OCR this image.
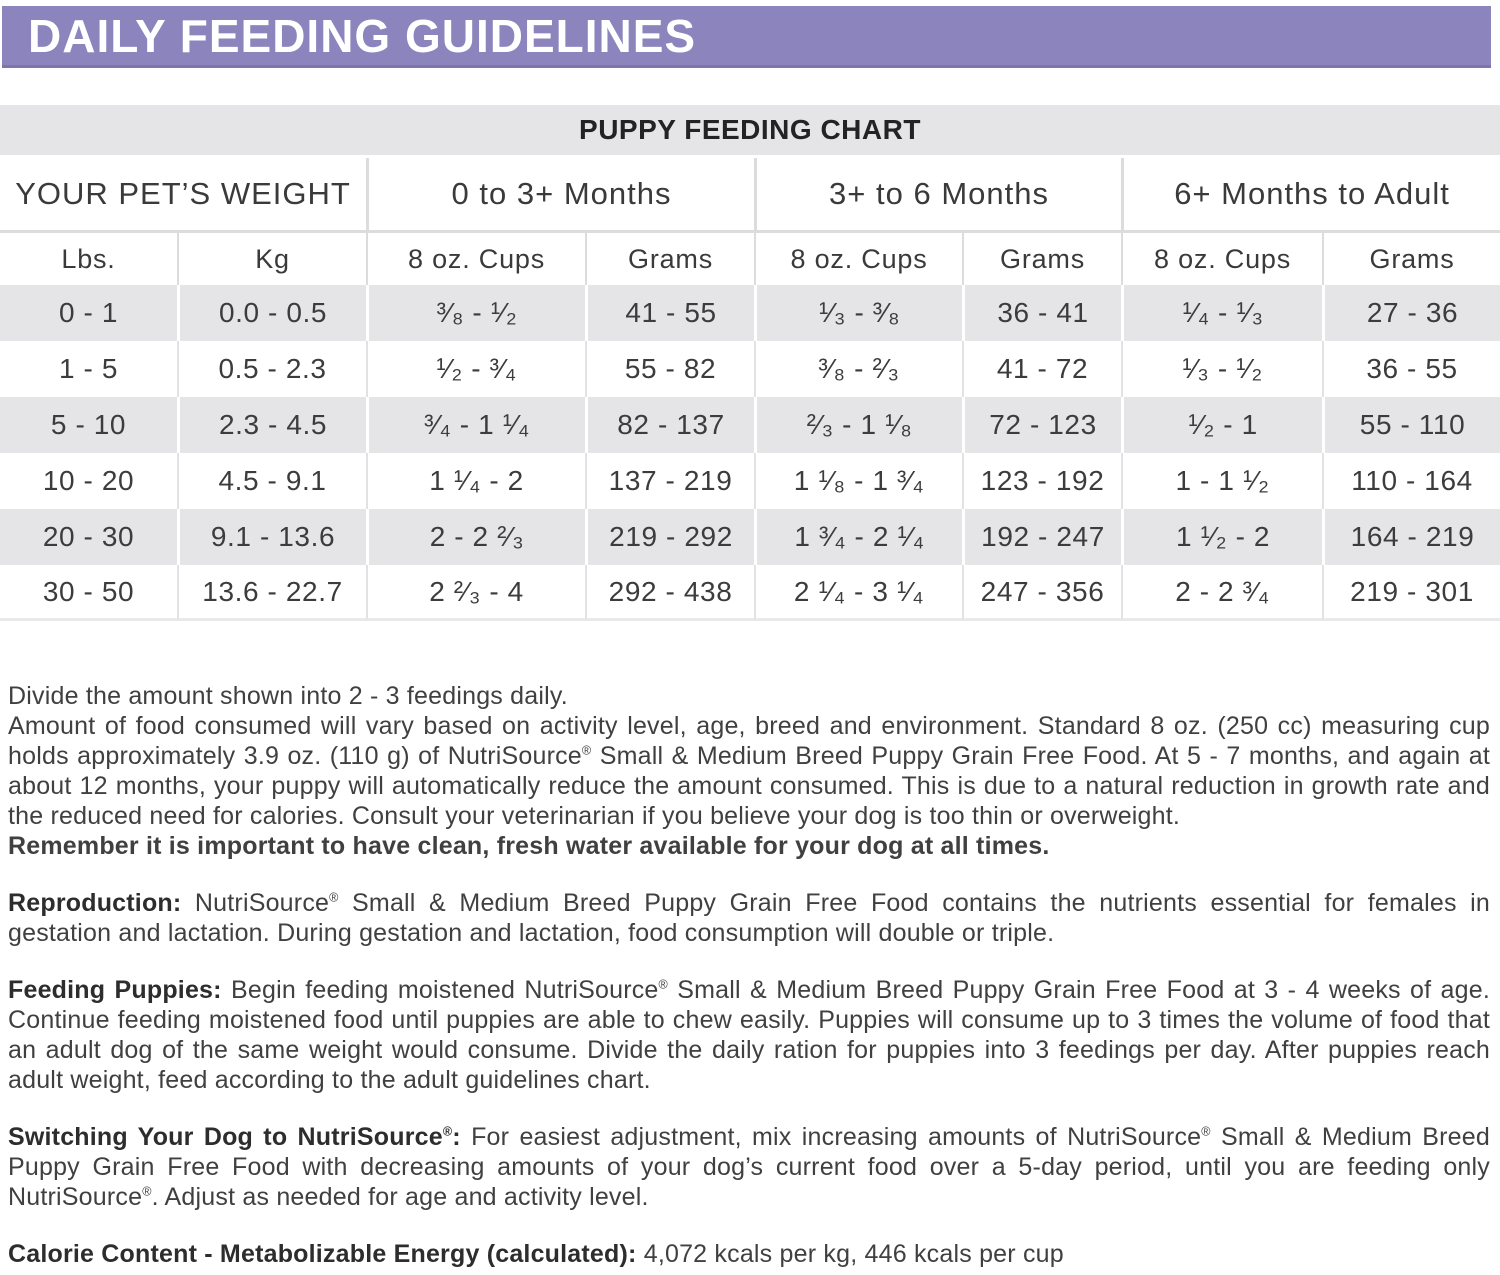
DAILY FEEDING GUIDELINES
PUPPY FEEDING CHART
YOUR PET’S WEIGHT		0 to 3+ Months		3+ to 6 Months		6+ Months to Adult	
Lbs.	Kg	8 oz. Cups	Grams	8 oz. Cups	Grams	8 oz. Cups	Grams
0 - 1	0.0 - 0.5	³⁄₈ - ¹⁄₂	41 - 55	¹⁄₃ - ³⁄₈	36 - 41	¹⁄₄ - ¹⁄₃	27 - 36
1 - 5	0.5 - 2.3	¹⁄₂ - ³⁄₄	55 - 82	³⁄₈ - ²⁄₃	41 - 72	¹⁄₃ - ¹⁄₂	36 - 55
5 - 10	2.3 - 4.5	³⁄₄ - 1 ¹⁄₄	82 - 137	²⁄₃ - 1 ¹⁄₈	72 - 123	¹⁄₂ - 1	55 - 110
10 - 20	4.5 - 9.1	1 ¹⁄₄ - 2	137 - 219	1 ¹⁄₈ - 1 ³⁄₄	123 - 192	1 - 1 ¹⁄₂	110 - 164
20 - 30	9.1 - 13.6	2 - 2 ²⁄₃	219 - 292	1 ³⁄₄ - 2 ¹⁄₄	192 - 247	1 ¹⁄₂ - 2	164 - 219
30 - 50	13.6 - 22.7	2 ²⁄₃ - 4	292 - 438	2 ¹⁄₄ - 3 ¹⁄₄	247 - 356	2 - 2 ³⁄₄	219 - 301
Divide the amount shown into 2 - 3 feedings daily.
Amount of food consumed will vary based on activity level, age, breed and environment. Standard 8 oz. (250 cc) measuring cup holds approximately 3.9 oz. (110 g) of NutriSource® Small & Medium Breed Puppy Grain Free Food. At 5 - 7 months, and again at about 12 months, your puppy will automatically reduce the amount consumed. This is due to a natural reduction in growth rate and the reduced need for calories. Consult your veterinarian if you believe your dog is too thin or overweight.
Remember it is important to have clean, fresh water available for your dog at all times.

Reproduction: NutriSource® Small & Medium Breed Puppy Grain Free Food contains the nutrients essential for females in gestation and lactation. During gestation and lactation, food consumption will double or triple.

Feeding Puppies: Begin feeding moistened NutriSource® Small & Medium Breed Puppy Grain Free Food at 3 - 4 weeks of age. Continue feeding moistened food until puppies are able to chew easily. Puppies will consume up to 3 times the volume of food that an adult dog of the same weight would consume. Divide the daily ration for puppies into 3 feedings per day. After puppies reach adult weight, feed according to the adult guidelines chart.

Switching Your Dog to NutriSource®: For easiest adjustment, mix increasing amounts of NutriSource® Small & Medium Breed Puppy Grain Free Food with decreasing amounts of your dog’s current food over a 5-day period, until you are feeding only NutriSource®. Adjust as needed for age and activity level.

Calorie Content - Metabolizable Energy (calculated): 4,072 kcals per kg, 446 kcals per cup
